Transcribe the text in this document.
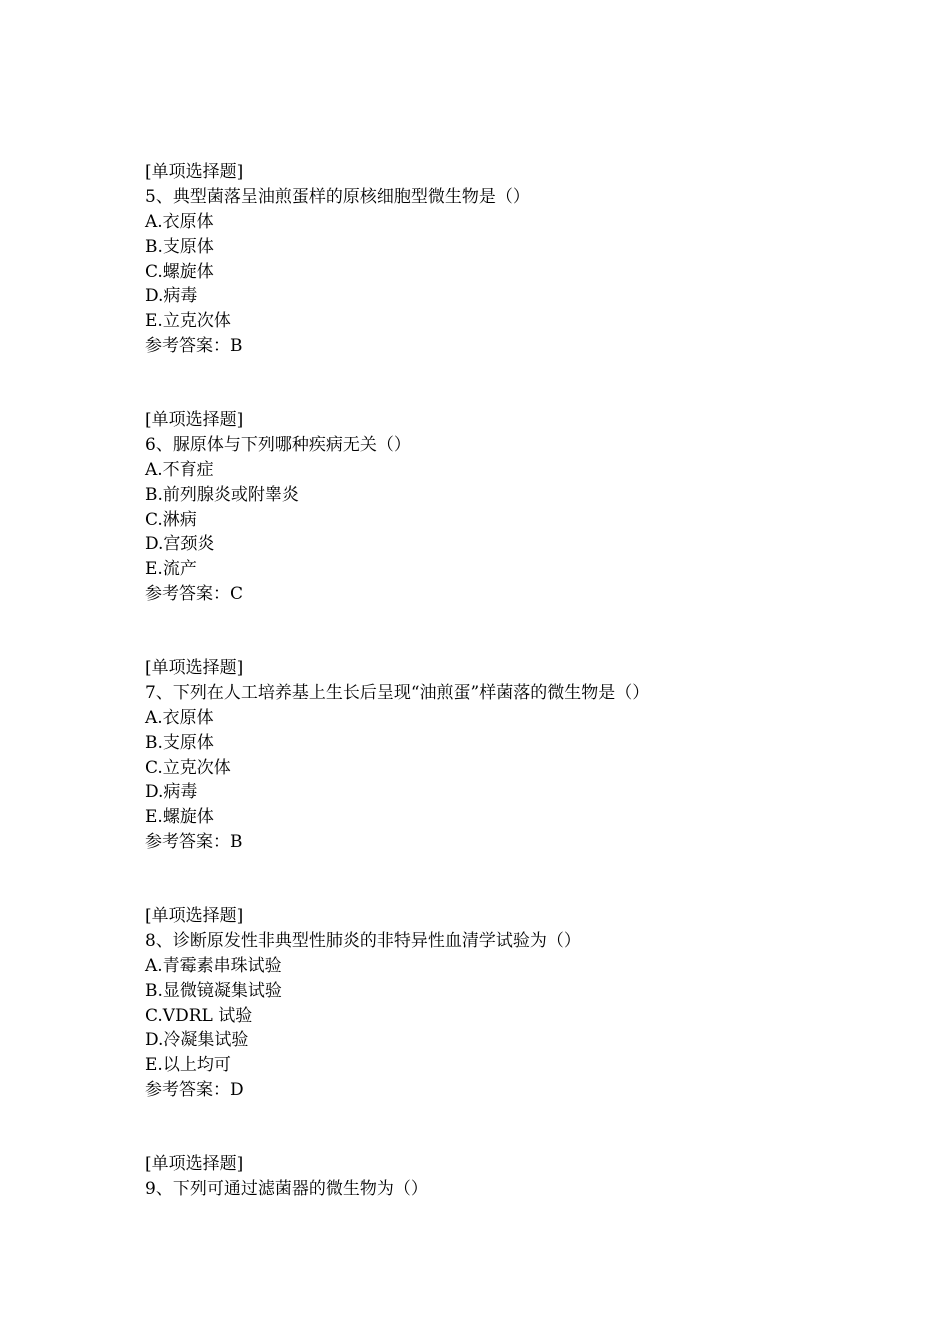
[单项选择题]
5、典型菌落呈油煎蛋样的原核细胞型微生物是（）
A.衣原体
B.支原体
C.螺旋体
D.病毒
E.立克次体
参考答案：B
[单项选择题]
6、脲原体与下列哪种疾病无关（）
A.不育症
B.前列腺炎或附睾炎
C.淋病
D.宫颈炎
E.流产
参考答案：C
[单项选择题]
7、下列在人工培养基上生长后呈现“油煎蛋”样菌落的微生物是（）
A.衣原体
B.支原体
C.立克次体
D.病毒
E.螺旋体
参考答案：B
[单项选择题]
8、诊断原发性非典型性肺炎的非特异性血清学试验为（）
A.青霉素串珠试验
B.显微镜凝集试验
C.VDRL 试验
D.冷凝集试验
E.以上均可
参考答案：D
[单项选择题]
9、下列可通过滤菌器的微生物为（）
